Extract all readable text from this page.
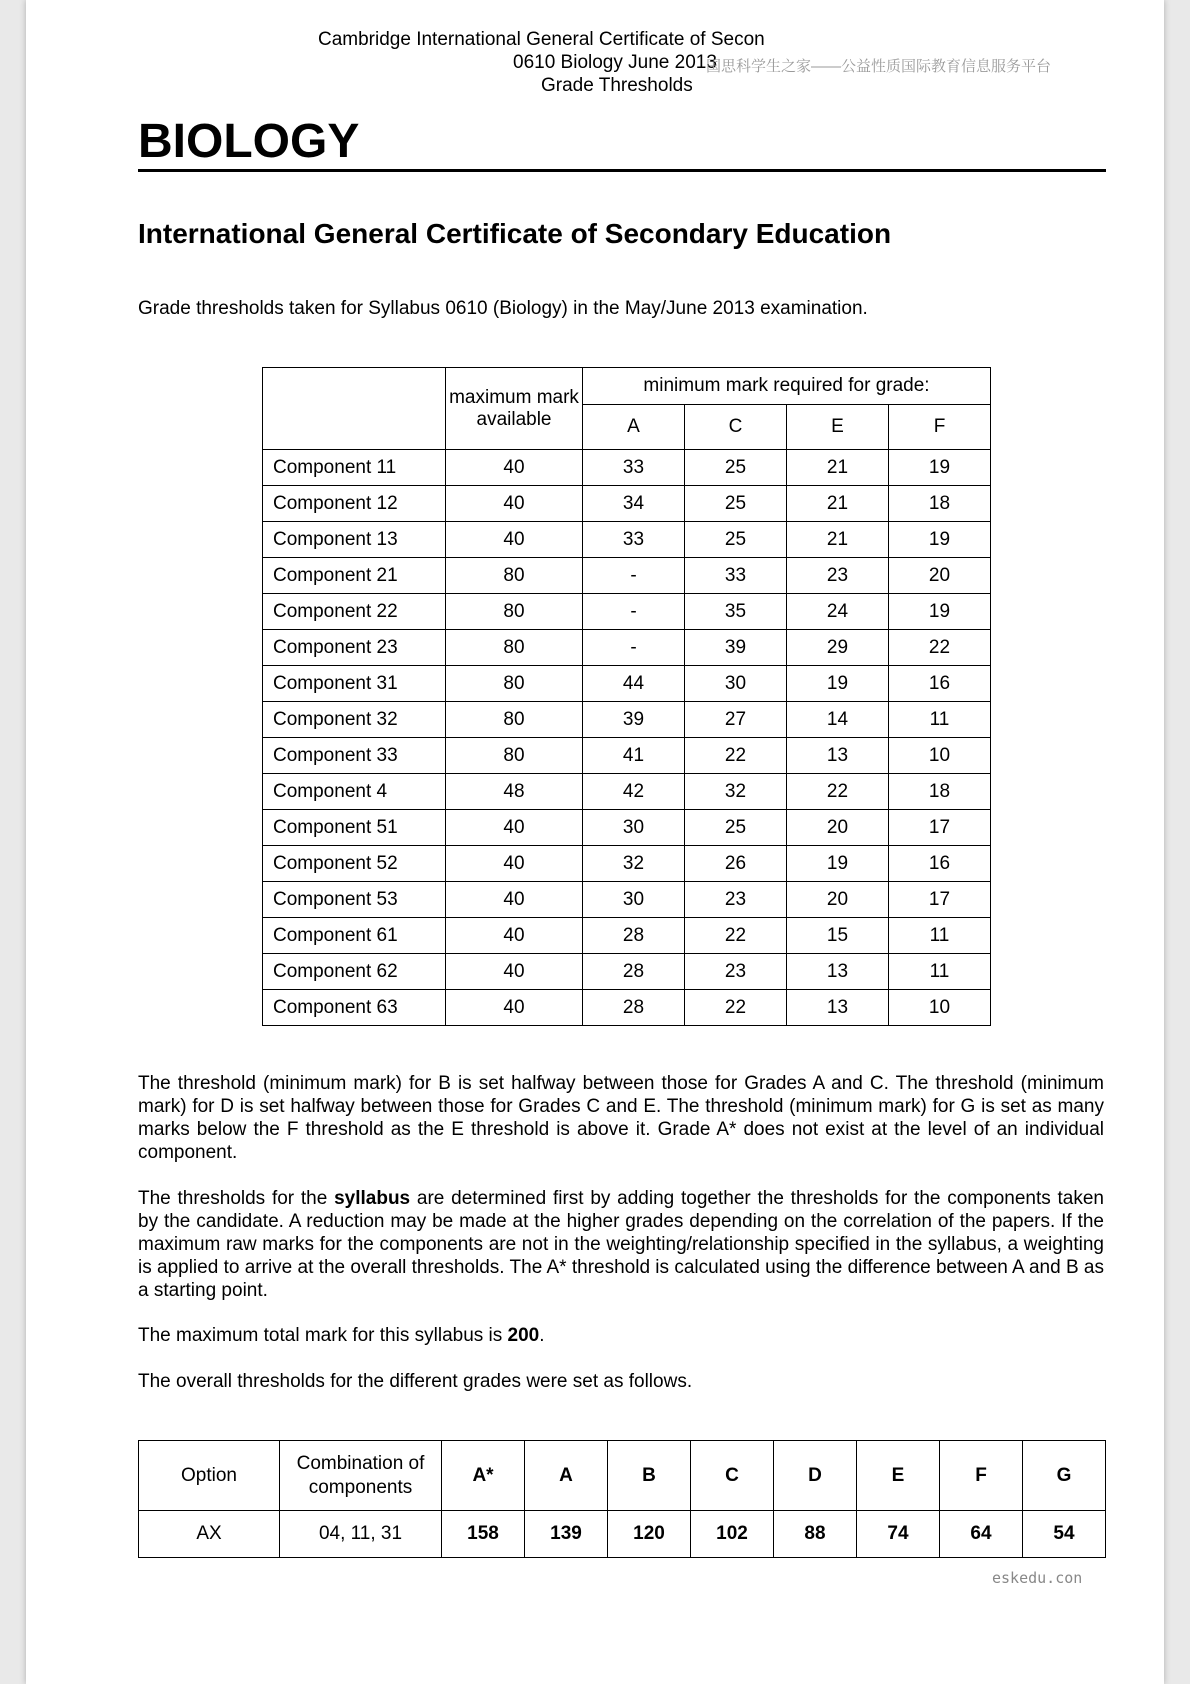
Cambridge International General Certificate of Secon
0610 Biology June 2013
Grade Thresholds
国思科学生之家——公益性质国际教育信息服务平台
BIOLOGY
International General Certificate of Secondary Education

Grade thresholds taken for Syllabus 0610 (Biology) in the May/June 2013 examination.

	maximum mark available	minimum mark required for grade:			
		A	C	E	F
Component 11	40	33	25	21	19
Component 12	40	34	25	21	18
Component 13	40	33	25	21	19
Component 21	80	-	33	23	20
Component 22	80	-	35	24	19
Component 23	80	-	39	29	22
Component 31	80	44	30	19	16
Component 32	80	39	27	14	11
Component 33	80	41	22	13	10
Component 4	48	42	32	22	18
Component 51	40	30	25	20	17
Component 52	40	32	26	19	16
Component 53	40	30	23	20	17
Component 61	40	28	22	15	11
Component 62	40	28	23	13	11
Component 63	40	28	22	13	10

The threshold (minimum mark) for B is set halfway between those for Grades A and C. The threshold (minimum mark) for D is set halfway between those for Grades C and E. The threshold (minimum mark) for G is set as many marks below the F threshold as the E threshold is above it. Grade A* does not exist at the level of an individual component.

The thresholds for the syllabus are determined first by adding together the thresholds for the components taken by the candidate. A reduction may be made at the higher grades depending on the correlation of the papers. If the maximum raw marks for the components are not in the weighting/relationship specified in the syllabus, a weighting is applied to arrive at the overall thresholds. The A* threshold is calculated using the difference between A and B as a starting point.

The maximum total mark for this syllabus is 200.

The overall thresholds for the different grades were set as follows.

Option	Combination of components	A*	A	B	C	D	E	F	G
AX	04, 11, 31	158	139	120	102	88	74	64	54
eskedu.con
